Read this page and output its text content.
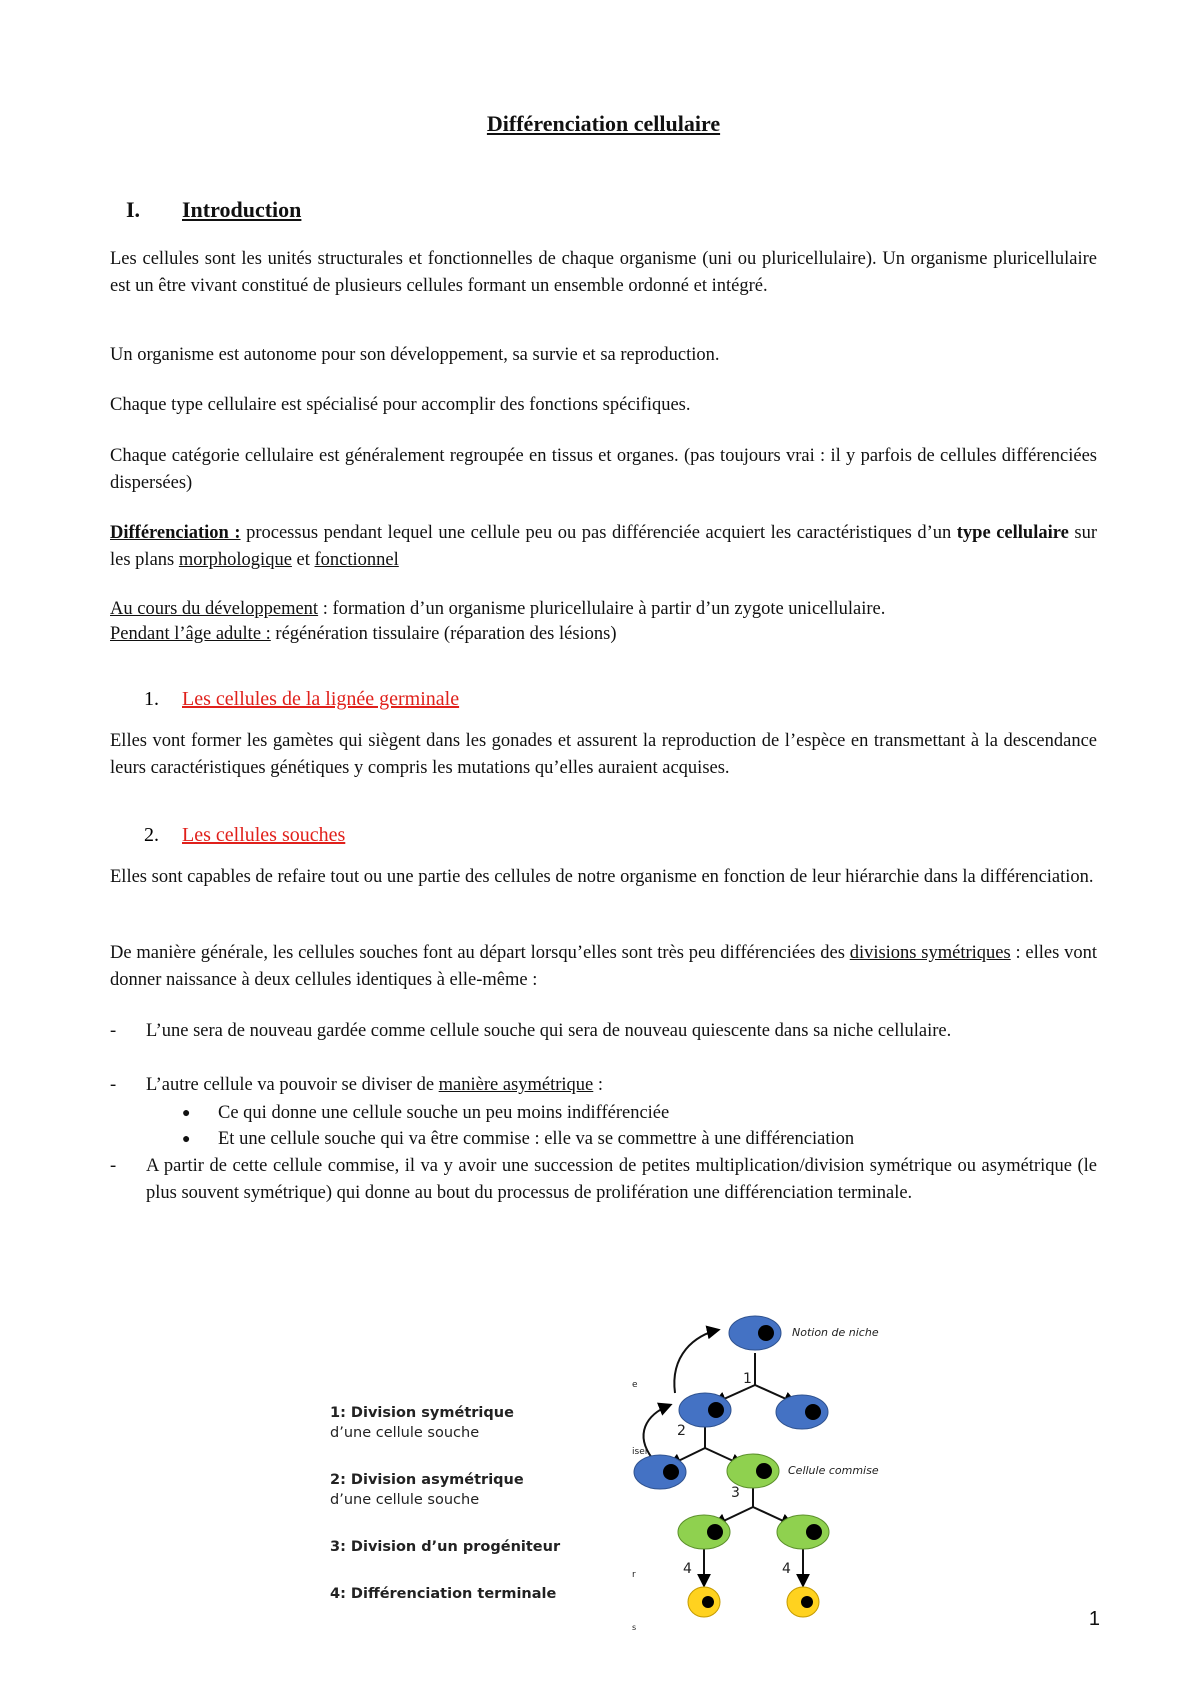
Différenciation cellulaire
I. Introduction
Les cellules sont les unités structurales et fonctionnelles de chaque organisme (uni ou pluricellulaire). Un organisme pluricellulaire est un être vivant constitué de plusieurs cellules formant un ensemble ordonné et intégré.
Un organisme est autonome pour son développement, sa survie et sa reproduction.
Chaque type cellulaire est spécialisé pour accomplir des fonctions spécifiques.
Chaque catégorie cellulaire est généralement regroupée en tissus et organes. (pas toujours vrai : il y parfois de cellules différenciées dispersées)
Différenciation : processus pendant lequel une cellule peu ou pas différenciée acquiert les caractéristiques d’un type cellulaire sur les plans morphologique et fonctionnel
Au cours du développement : formation d’un organisme pluricellulaire à partir d’un zygote unicellulaire.
Pendant l’âge adulte : régénération tissulaire (réparation des lésions)
1. Les cellules de la lignée germinale
Elles vont former les gamètes qui siègent dans les gonades et assurent la reproduction de l’espèce en transmettant à la descendance leurs caractéristiques génétiques y compris les mutations qu’elles auraient acquises.
2. Les cellules souches
Elles sont capables de refaire tout ou une partie des cellules de notre organisme en fonction de leur hiérarchie dans la différenciation.
De manière générale, les cellules souches font au départ lorsqu’elles sont très peu différenciées des divisions symétriques : elles vont donner naissance à deux cellules identiques à elle-même :
- L’une sera de nouveau gardée comme cellule souche qui sera de nouveau quiescente dans sa niche cellulaire.
- L’autre cellule va pouvoir se diviser de manière asymétrique :
● Ce qui donne une cellule souche un peu moins indifférenciée
● Et une cellule souche qui va être commise : elle va se commettre à une différenciation
- A partir de cette cellule commise, il va y avoir une succession de petites multiplication/division symétrique ou asymétrique (le plus souvent symétrique) qui donne au bout du processus de prolifération une différenciation terminale.
1: Division symétrique
d’une cellule souche
2: Division asymétrique
d’une cellule souche
3: Division d’un progéniteur
4: Différenciation terminale
Notion de niche
Cellule commise
1
2
3
4	4
e
isel
r
s	1
